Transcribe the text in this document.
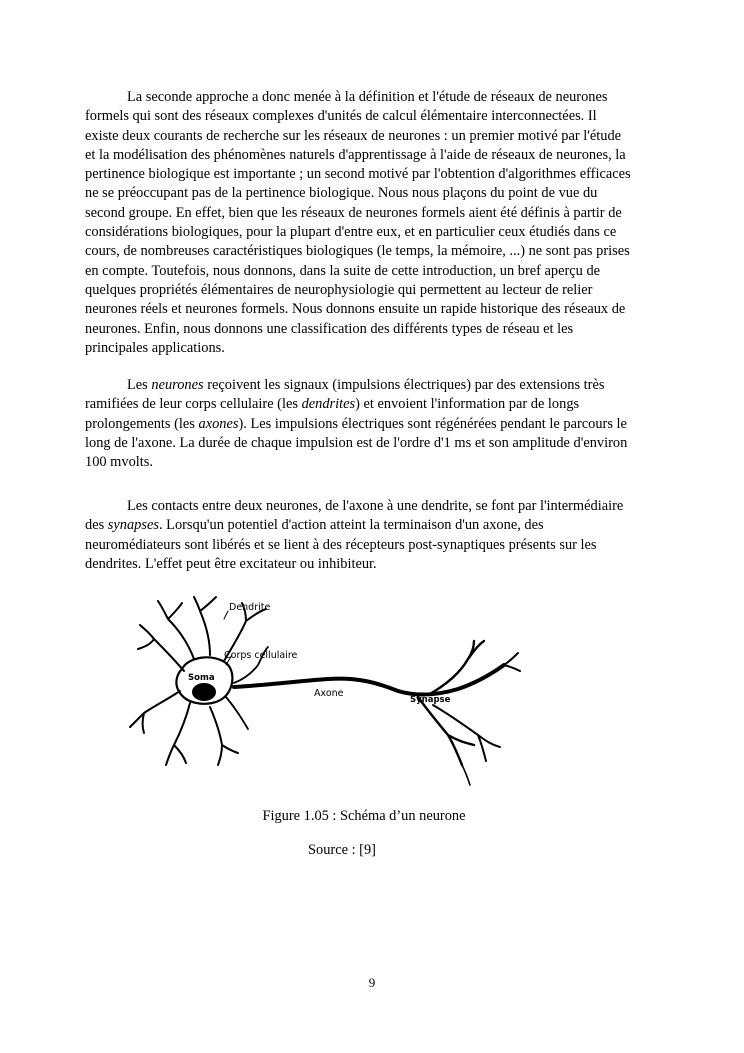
La seconde approche a donc menée à la définition et l'étude de réseaux de neurones
formels qui sont des réseaux complexes d'unités de calcul élémentaire interconnectées. Il
existe deux courants de recherche sur les réseaux de neurones : un premier motivé par l'étude
et la modélisation des phénomènes naturels d'apprentissage à l'aide de réseaux de neurones, la
pertinence biologique est importante ; un second motivé par l'obtention d'algorithmes efficaces
ne se préoccupant pas de la pertinence biologique. Nous nous plaçons du point de vue du
second groupe. En effet, bien que les réseaux de neurones formels aient été définis à partir de
considérations biologiques, pour la plupart d'entre eux, et en particulier ceux étudiés dans ce
cours, de nombreuses caractéristiques biologiques (le temps, la mémoire, ...) ne sont pas prises
en compte. Toutefois, nous donnons, dans la suite de cette introduction, un bref aperçu de
quelques propriétés élémentaires de neurophysiologie qui permettent au lecteur de relier
neurones réels et neurones formels. Nous donnons ensuite un rapide historique des réseaux de
neurones. Enfin, nous donnons une classification des différents types de réseau et les
principales applications.
Les neurones reçoivent les signaux (impulsions électriques) par des extensions très
ramifiées de leur corps cellulaire (les dendrites) et envoient l'information par de longs
prolongements (les axones). Les impulsions électriques sont régénérées pendant le parcours le
long de l'axone. La durée de chaque impulsion est de l'ordre d'1 ms et son amplitude d'environ
100 mvolts.
Les contacts entre deux neurones, de l'axone à une dendrite, se font par l'intermédiaire
des synapses. Lorsqu'un potentiel d'action atteint la terminaison d'un axone, des
neuromédiateurs sont libérés et se lient à des récepteurs post-synaptiques présents sur les
dendrites. L'effet peut être excitateur ou inhibiteur.
Dendrite
Corps cellulaire
Soma
Axone
Synapse

Figure 1.05 : Schéma d’un neurone

Source : [9]

9
